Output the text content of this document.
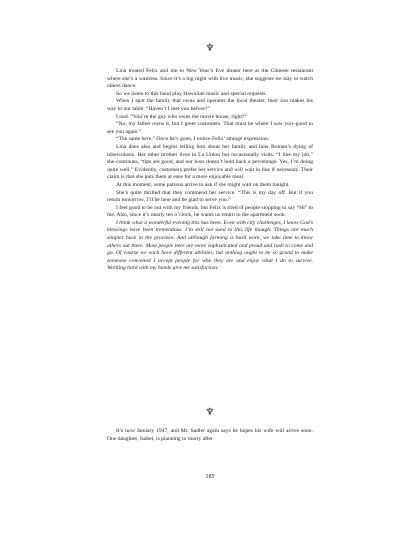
♆

Lina treated Felix and me to New Year’s Eve dinner here at the Chinese restaurant where she’s a waitress. Since it’s a big night with live music, she suggests we stay to watch others dance.

So we listen to this band play Hawaiian music and special requests.

When I spot the family that owns and operates the local theater, their son makes his way to our table. “Haven’t I met you before?”

I nod. “You’re the guy who owns the movie house, right?”

“No, my father owns it, but I greet customers. That must be where I saw you–good to see you again.”

“The same here.” Once he’s gone, I notice Felix’ strange expression.

Lina does also and begins telling him about her family and how Roman’s dying of tuberculosis. Her other brother lives in La Union but occasionally visits. “I like my job,” she continues, “tips are good, and our boss doesn’t hold back a percentage. Yes, I’m doing quite well.” Evidently, customers prefer her service and will wait in line if necessary. Their claim is that she puts them at ease for a more enjoyable meal.

At this moment, some patrons arrive to ask if she might wait on them tonight.

She’s quite thrilled that they commend her service. “This is my day off. But if you return tomorrow, I’ll be here and be glad to serve you.”

I feel good to be out with my friends, but Felix is tired of people stopping to say “Hi” to me. Also, since it’s nearly ten o’clock, he wants us return to the apartment soon.

I think what a wonderful evening this has been. Even with city challenges, I know God’s blessings have been tremendous. I’m still not used to this life though. Things are much simpler back in the province. And although farming is hard work, we take time to know others out there. Most people here are more sophisticated and proud and rush to come and go. Of course we each have different abilities, but nothing ought to be so grand to make someone conceited I accept people for who they are and enjoy what I do to survive. Working hard with my hands give me satisfaction.

♆

It’s now January 1947, and Mr. Sadler again says he hopes his wife will arrive soon. One daughter, Isabel, is planning to marry after

185
